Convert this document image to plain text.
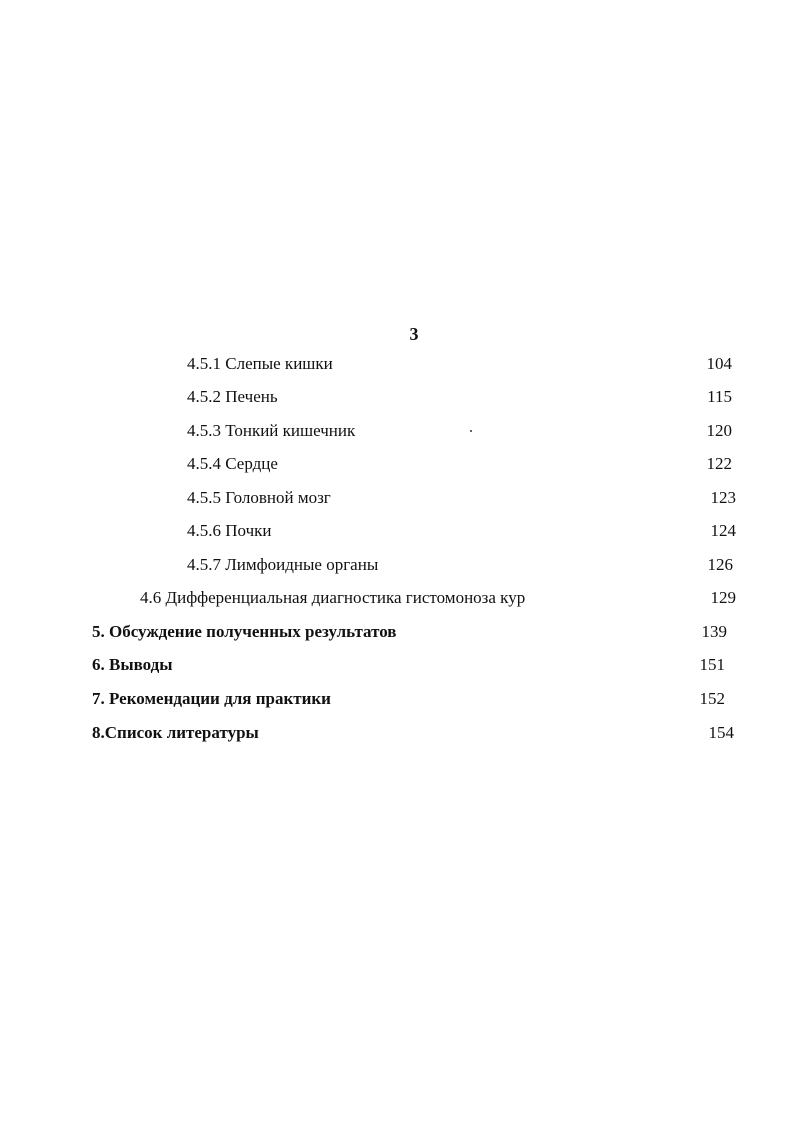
3
4.5.1 Слепые кишки	104
4.5.2 Печень	115
4.5.3 Тонкий кишечник	120
4.5.4 Сердце	122
4.5.5 Головной мозг	123
4.5.6 Почки	124
4.5.7 Лимфоидные органы	126
4.6 Дифференциальная диагностика гистомоноза кур	129
5. Обсуждение полученных результатов	139
6. Выводы	151
7. Рекомендации для практики	152
8.Список литературы	154
